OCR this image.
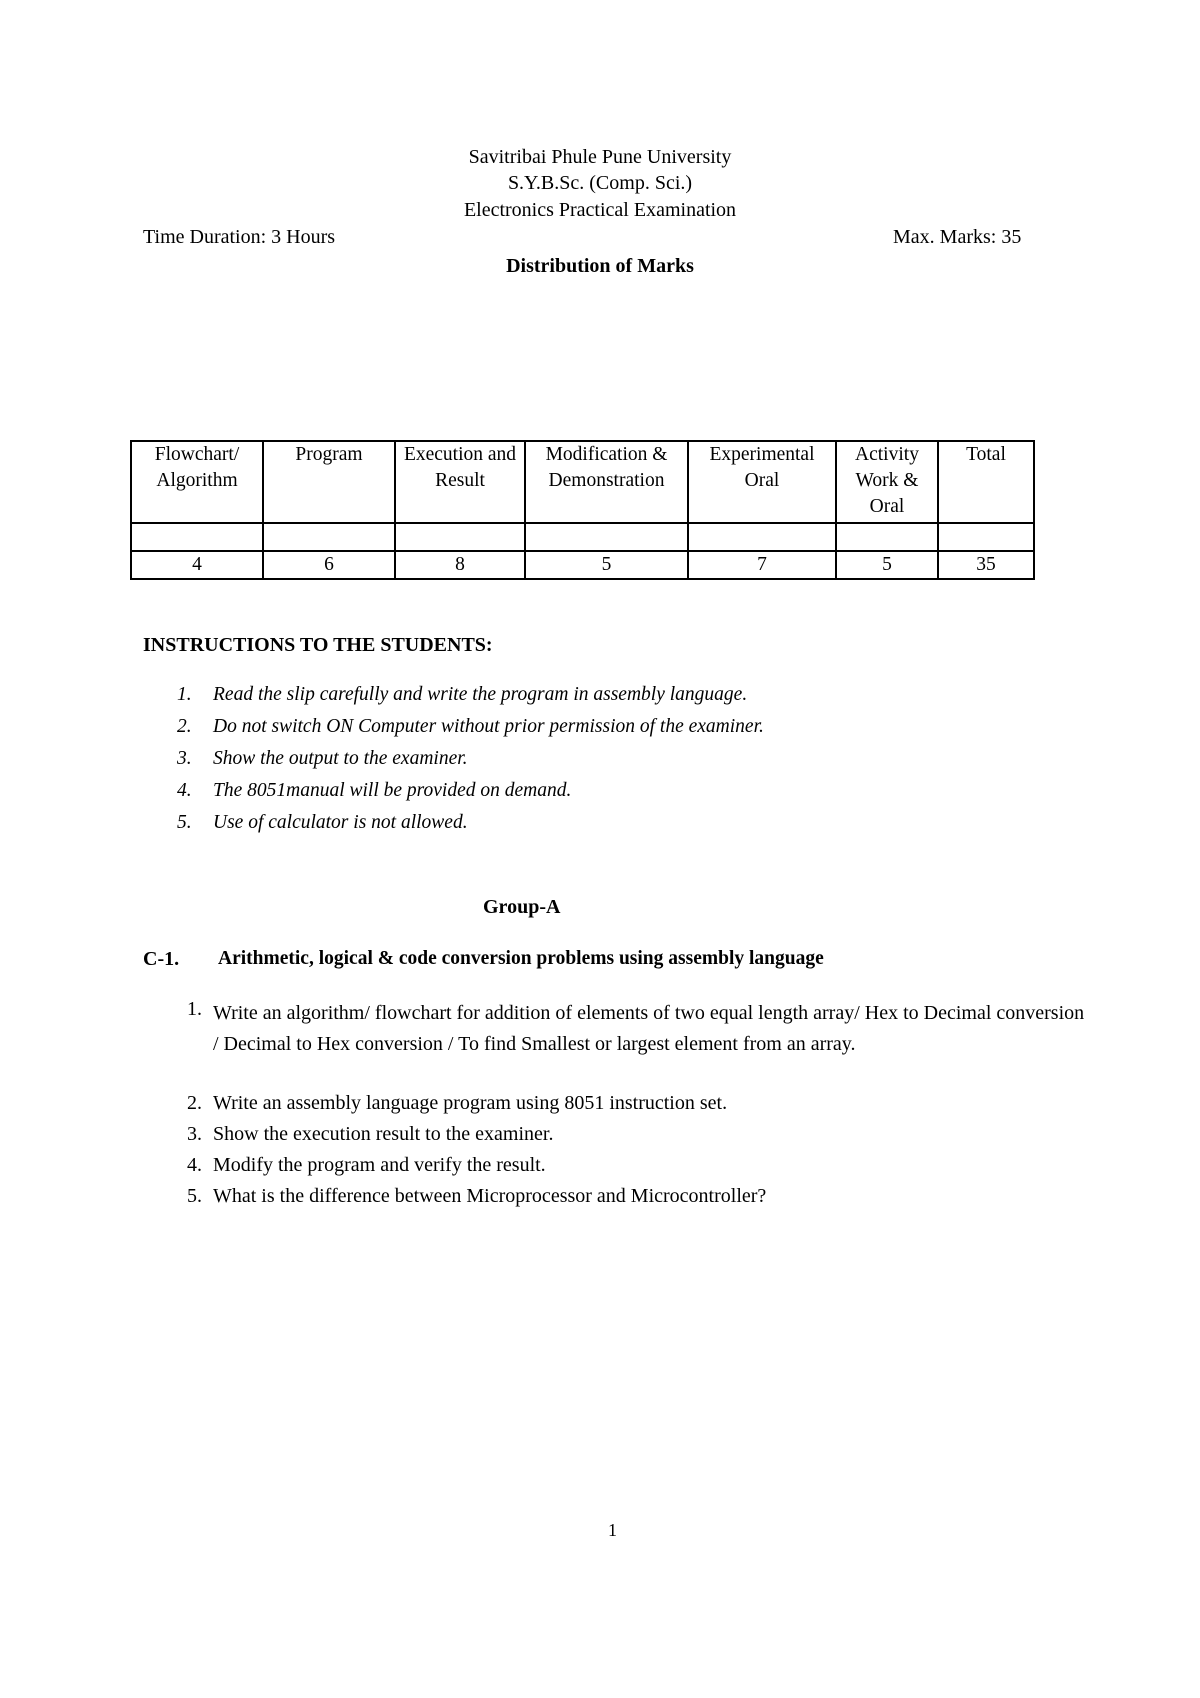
Savitribai Phule Pune University
S.Y.B.Sc. (Comp. Sci.)
Electronics Practical Examination
Time Duration: 3 Hours	Max. Marks: 35
Distribution of Marks
Flowchart/ Algorithm	Program	Execution and Result	Modification & Demonstration	Experimental Oral	Activity Work & Oral	Total

4	6	8	5	7	5	35
INSTRUCTIONS TO THE STUDENTS:
1. Read the slip carefully and write the program in assembly language.
2. Do not switch ON Computer without prior permission of the examiner.
3. Show the output to the examiner.
4. The 8051manual will be provided on demand.
5. Use of calculator is not allowed.
Group-A
C-1. Arithmetic, logical & code conversion problems using assembly language
1. Write an algorithm/ flowchart for addition of elements of two equal length array/ Hex to Decimal conversion / Decimal to Hex conversion / To find Smallest or largest element from an array.
2. Write an assembly language program using 8051 instruction set.
3. Show the execution result to the examiner.
4. Modify the program and verify the result.
5. What is the difference between Microprocessor and Microcontroller?
1
